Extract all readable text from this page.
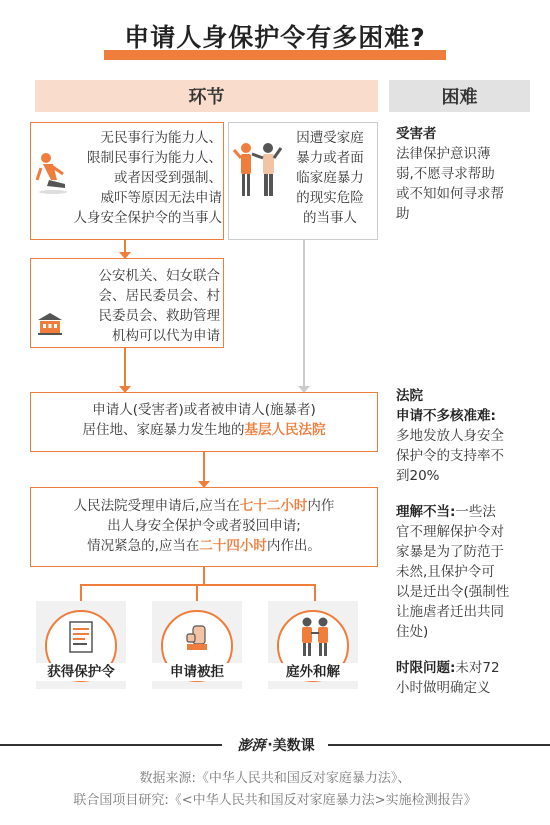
申请人身保护令有多困难?
环节	困难
无民事行为能力人、
限制民事行为能力人、
或者因受到强制、
威吓等原因无法申请
人身安全保护令的当事人
因遭受家庭
暴力或者面
临家庭暴力
的现实危险
的当事人
公安机关、妇女联合
会、居民委员会、村
民委员会、救助管理
机构可以代为申请
申请人(受害者)或者被申请人(施暴者)
居住地、家庭暴力发生地的基层人民法院
人民法院受理申请后,应当在七十二小时内作
出人身安全保护令或者驳回申请;
情况紧急的,应当在二十四小时内作出。
获得保护令	申请被拒	庭外和解
受害者
法律保护意识薄
弱,不愿寻求帮助
或不知如何寻求帮
助
法院
申请不多核准难:
多地发放人身安全
保护令的支持率不
到20%
理解不当:一些法
官不理解保护令对
家暴是为了防范于
未然,且保护令可
以是迁出令(强制性
让施虐者迁出共同
住处)
时限问题:未对72
小时做明确定义
澎湃 · 美数课
数据来源:《中华人民共和国反对家庭暴力法》、
联合国项目研究:《<中华人民共和国反对家庭暴力法>实施检测报告》
